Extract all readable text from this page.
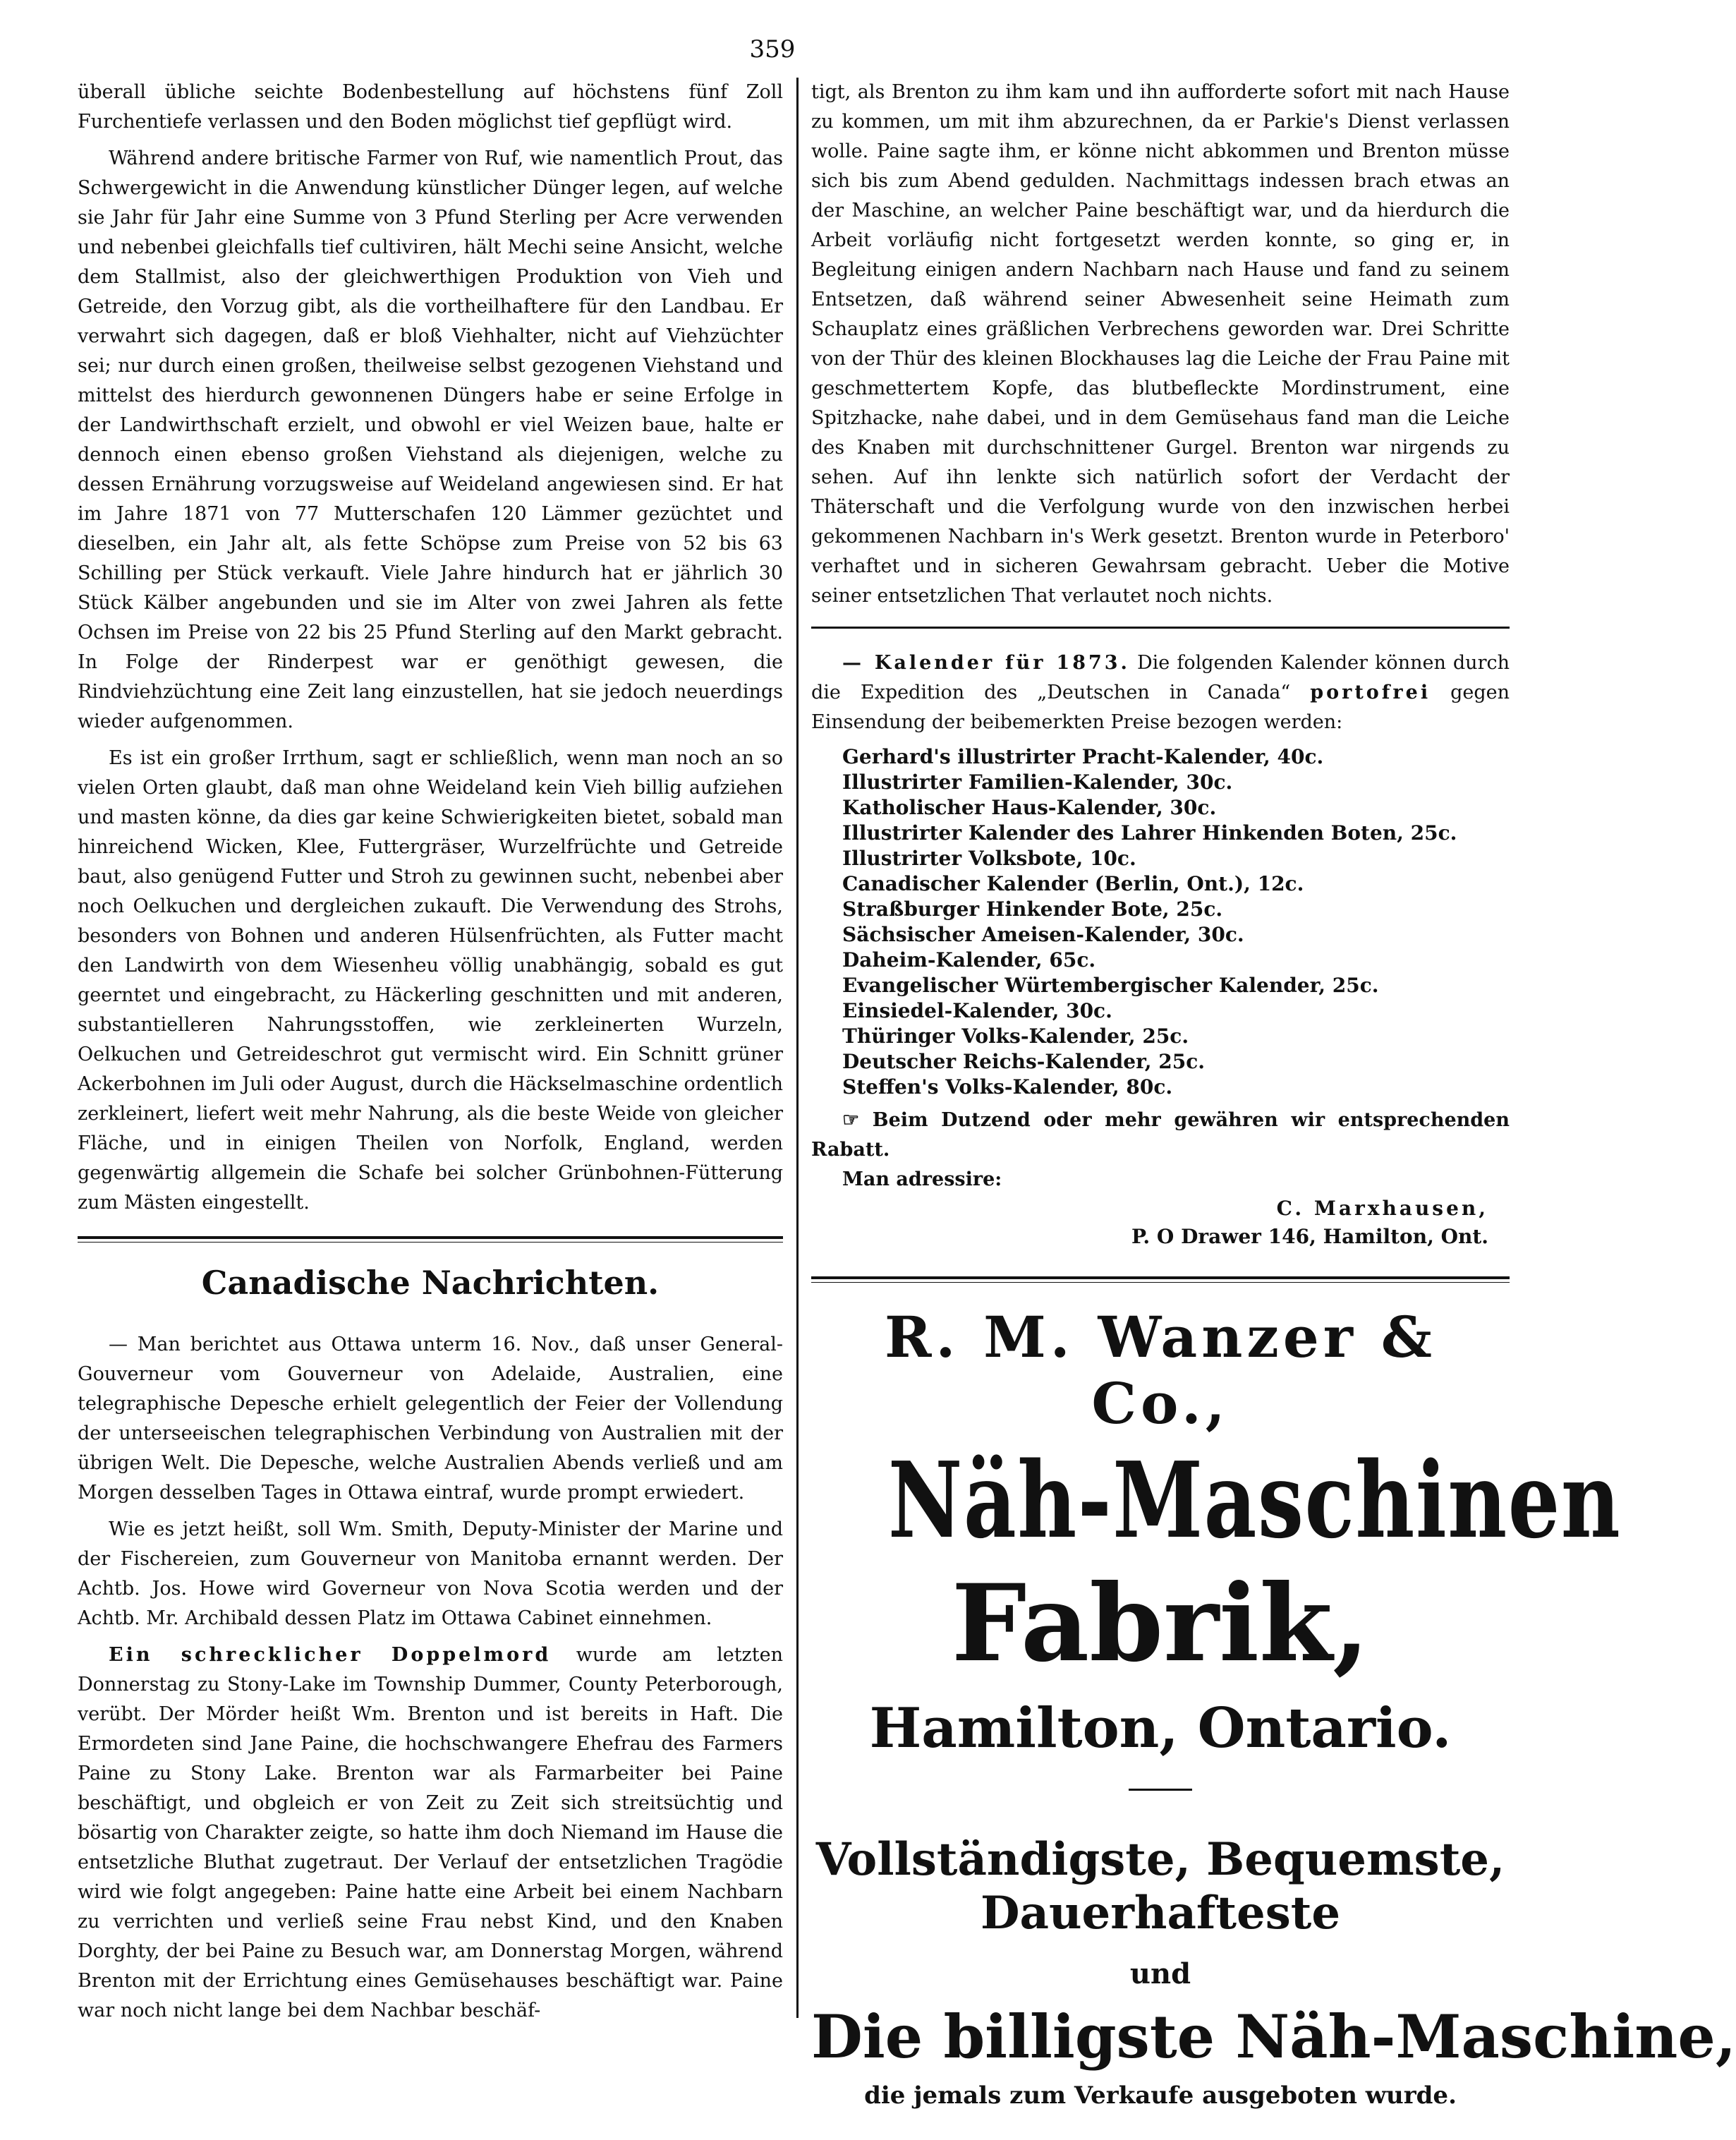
359

überall übliche seichte Bodenbestellung auf höchstens fünf Zoll Furchentiefe verlassen und den Boden möglichst tief gepflügt wird.

Während andere britische Farmer von Ruf, wie namentlich Prout, das Schwergewicht in die Anwendung künstlicher Dünger legen, auf welche sie Jahr für Jahr eine Summe von 3 Pfund Sterling per Acre verwenden und nebenbei gleichfalls tief cultiviren, hält Mechi seine Ansicht, welche dem Stallmist, also der gleichwerthigen Produktion von Vieh und Getreide, den Vorzug gibt, als die vortheilhaftere für den Landbau. Er verwahrt sich dagegen, daß er bloß Viehhalter, nicht auf Viehzüchter sei; nur durch einen großen, theilweise selbst gezogenen Viehstand und mittelst des hierdurch gewonnenen Düngers habe er seine Erfolge in der Landwirthschaft erzielt, und obwohl er viel Weizen baue, halte er dennoch einen ebenso großen Viehstand als diejenigen, welche zu dessen Ernährung vorzugsweise auf Weideland angewiesen sind. Er hat im Jahre 1871 von 77 Mutterschafen 120 Lämmer gezüchtet und dieselben, ein Jahr alt, als fette Schöpse zum Preise von 52 bis 63 Schilling per Stück verkauft. Viele Jahre hindurch hat er jährlich 30 Stück Kälber angebunden und sie im Alter von zwei Jahren als fette Ochsen im Preise von 22 bis 25 Pfund Sterling auf den Markt gebracht. In Folge der Rinderpest war er genöthigt gewesen, die Rindviehzüchtung eine Zeit lang einzustellen, hat sie jedoch neuerdings wieder aufgenommen.

Es ist ein großer Irrthum, sagt er schließlich, wenn man noch an so vielen Orten glaubt, daß man ohne Weideland kein Vieh billig aufziehen und masten könne, da dies gar keine Schwierigkeiten bietet, sobald man hinreichend Wicken, Klee, Futtergräser, Wurzelfrüchte und Getreide baut, also genügend Futter und Stroh zu gewinnen sucht, nebenbei aber noch Oelkuchen und dergleichen zukauft. Die Verwendung des Strohs, besonders von Bohnen und anderen Hülsenfrüchten, als Futter macht den Landwirth von dem Wiesenheu völlig unabhängig, sobald es gut geerntet und eingebracht, zu Häckerling geschnitten und mit anderen, substantielleren Nahrungsstoffen, wie zerkleinerten Wurzeln, Oelkuchen und Getreideschrot gut vermischt wird. Ein Schnitt grüner Ackerbohnen im Juli oder August, durch die Häckselmaschine ordentlich zerkleinert, liefert weit mehr Nahrung, als die beste Weide von gleicher Fläche, und in einigen Theilen von Norfolk, England, werden gegenwärtig allgemein die Schafe bei solcher Grünbohnen-Fütterung zum Mästen eingestellt.

Canadische Nachrichten.

— Man berichtet aus Ottawa unterm 16. Nov., daß unser General-Gouverneur vom Gouverneur von Adelaide, Australien, eine telegraphische Depesche erhielt gelegentlich der Feier der Vollendung der unterseeischen telegraphischen Verbindung von Australien mit der übrigen Welt. Die Depesche, welche Australien Abends verließ und am Morgen desselben Tages in Ottawa eintraf, wurde prompt erwiedert.

Wie es jetzt heißt, soll Wm. Smith, Deputy-Minister der Marine und der Fischereien, zum Gouverneur von Manitoba ernannt werden. Der Achtb. Jos. Howe wird Governeur von Nova Scotia werden und der Achtb. Mr. Archibald dessen Platz im Ottawa Cabinet einnehmen.

Ein schrecklicher Doppelmord wurde am letzten Donnerstag zu Stony-Lake im Township Dummer, County Peterborough, verübt. Der Mörder heißt Wm. Brenton und ist bereits in Haft. Die Ermordeten sind Jane Paine, die hochschwangere Ehefrau des Farmers Paine zu Stony Lake. Brenton war als Farmarbeiter bei Paine beschäftigt, und obgleich er von Zeit zu Zeit sich streitsüchtig und bösartig von Charakter zeigte, so hatte ihm doch Niemand im Hause die entsetzliche Bluthat zugetraut. Der Verlauf der entsetzlichen Tragödie wird wie folgt angegeben: Paine hatte eine Arbeit bei einem Nachbarn zu verrichten und verließ seine Frau nebst Kind, und den Knaben Dorghty, der bei Paine zu Besuch war, am Donnerstag Morgen, während Brenton mit der Errichtung eines Gemüsehauses beschäftigt war. Paine war noch nicht lange bei dem Nachbar beschäf-

tigt, als Brenton zu ihm kam und ihn aufforderte sofort mit nach Hause zu kommen, um mit ihm abzurechnen, da er Parkie's Dienst verlassen wolle. Paine sagte ihm, er könne nicht abkommen und Brenton müsse sich bis zum Abend gedulden. Nachmittags indessen brach etwas an der Maschine, an welcher Paine beschäftigt war, und da hierdurch die Arbeit vorläufig nicht fortgesetzt werden konnte, so ging er, in Begleitung einigen andern Nachbarn nach Hause und fand zu seinem Entsetzen, daß während seiner Abwesenheit seine Heimath zum Schauplatz eines gräßlichen Verbrechens geworden war. Drei Schritte von der Thür des kleinen Blockhauses lag die Leiche der Frau Paine mit geschmettertem Kopfe, das blutbefleckte Mordinstrument, eine Spitzhacke, nahe dabei, und in dem Gemüsehaus fand man die Leiche des Knaben mit durchschnittener Gurgel. Brenton war nirgends zu sehen. Auf ihn lenkte sich natürlich sofort der Verdacht der Thäterschaft und die Verfolgung wurde von den inzwischen herbei gekommenen Nachbarn in's Werk gesetzt. Brenton wurde in Peterboro' verhaftet und in sicheren Gewahrsam gebracht. Ueber die Motive seiner entsetzlichen That verlautet noch nichts.

— Kalender für 1873. Die folgenden Kalender können durch die Expedition des „Deutschen in Canada“ portofrei gegen Einsendung der beibemerkten Preise bezogen werden:

Gerhard's illustrirter Pracht-Kalender, 40c.
Illustrirter Familien-Kalender, 30c.
Katholischer Haus-Kalender, 30c.
Illustrirter Kalender des Lahrer Hinkenden Boten, 25c.
Illustrirter Volksbote, 10c.
Canadischer Kalender (Berlin, Ont.), 12c.
Straßburger Hinkender Bote, 25c.
Sächsischer Ameisen-Kalender, 30c.
Daheim-Kalender, 65c.
Evangelischer Würtembergischer Kalender, 25c.
Einsiedel-Kalender, 30c.
Thüringer Volks-Kalender, 25c.
Deutscher Reichs-Kalender, 25c.
Steffen's Volks-Kalender, 80c.

☞ Beim Dutzend oder mehr gewähren wir entsprechenden Rabatt.

Man adressire:

C. Marxhausen,

P. O Drawer 146, Hamilton, Ont.

R. M. Wanzer & Co.,
Näh-Maschinen
Fabrik,
Hamilton, Ontario.
Vollständigste, Bequemste, Dauerhafteste
und
Die billigste Näh-Maschine,
die jemals zum Verkaufe ausgeboten wurde.
